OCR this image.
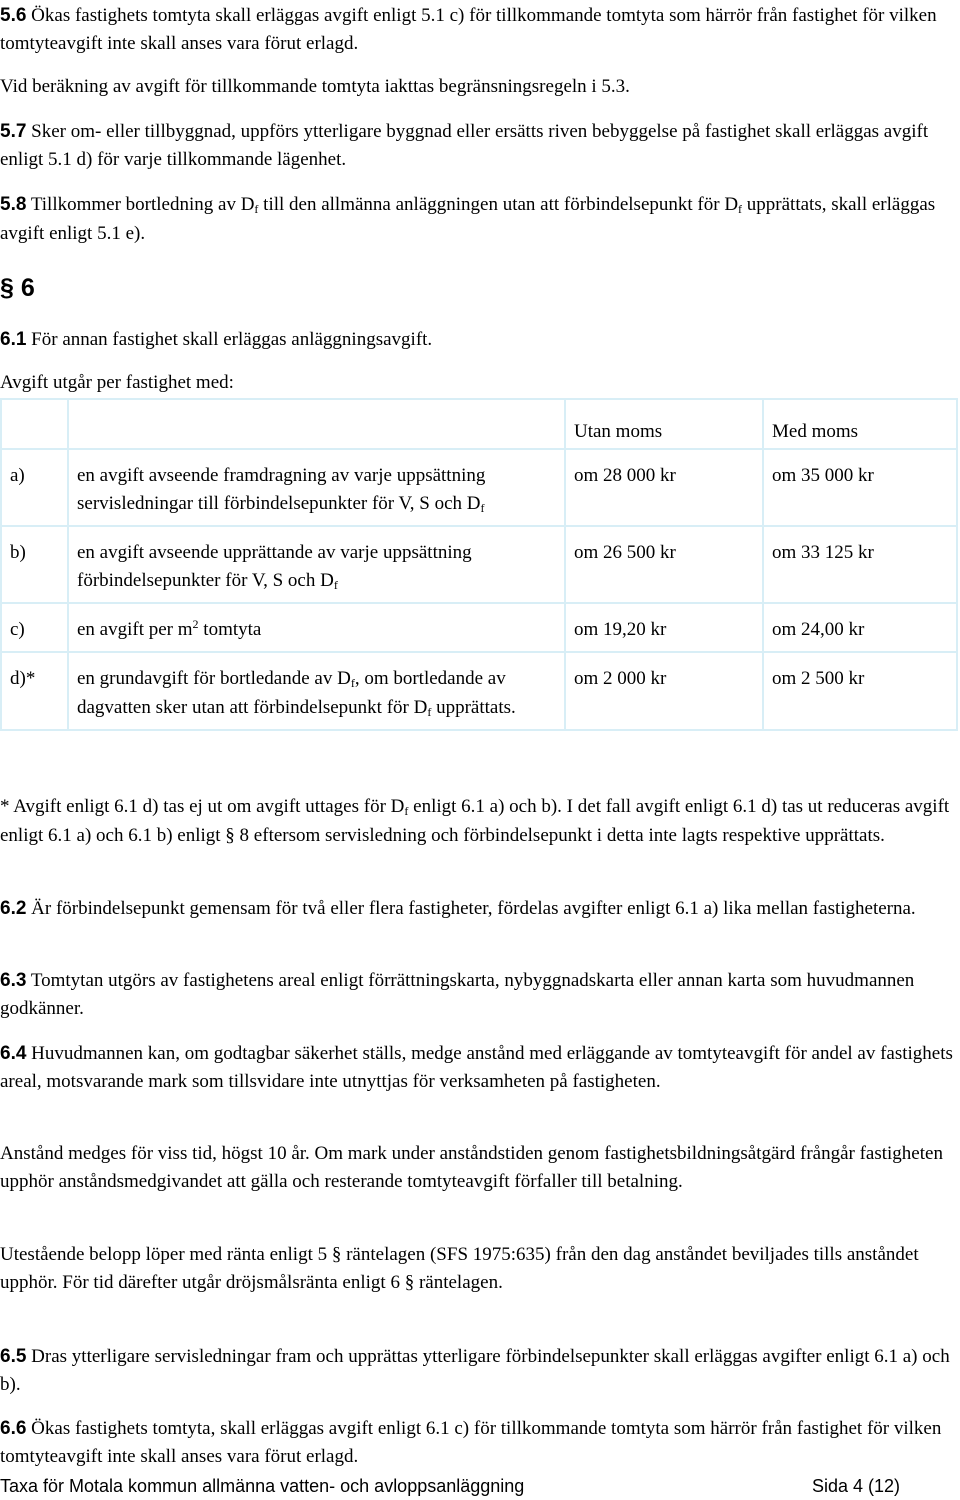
5.6 Ökas fastighets tomtyta skall erläggas avgift enligt 5.1 c) för tillkommande tomtyta som härrör från fastighet för vilken tomtyteavgift inte skall anses vara förut erlagd.

Vid beräkning av avgift för tillkommande tomtyta iakttas begränsningsregeln i 5.3.

5.7 Sker om- eller tillbyggnad, uppförs ytterligare byggnad eller ersätts riven bebyggelse på fastighet skall erläggas avgift enligt 5.1 d) för varje tillkommande lägenhet.

5.8 Tillkommer bortledning av Df till den allmänna anläggningen utan att förbindelsepunkt för Df upprättats, skall erläggas avgift enligt 5.1 e).

§ 6

6.1 För annan fastighet skall erläggas anläggningsavgift.

Avgift utgår per fastighet med:

		Utan moms	Med moms
a)	en avgift avseende framdragning av varje uppsättning servisledningar till förbindelsepunkter för V, S och Df	om 28 000 kr	om 35 000 kr
b)	en avgift avseende upprättande av varje uppsättning förbindelsepunkter för V, S och Df	om 26 500 kr	om 33 125 kr
c)	en avgift per $m^2$ tomtyta	om 19,20 kr	om 24,00 kr
d)*	en grundavgift för bortledande av Df, om bortledande av dagvatten sker utan att förbindelsepunkt för Df upprättats.	om 2 000 kr	om 2 500 kr

* Avgift enligt 6.1 d) tas ej ut om avgift uttages för Df enligt 6.1 a) och b). I det fall avgift enligt 6.1 d) tas ut reduceras avgift enligt 6.1 a) och 6.1 b) enligt § 8 eftersom servisledning och förbindelsepunkt i detta inte lagts respektive upprättats.

6.2 Är förbindelsepunkt gemensam för två eller flera fastigheter, fördelas avgifter enligt 6.1 a) lika mellan fastigheterna.

6.3 Tomtytan utgörs av fastighetens areal enligt förrättningskarta, nybyggnadskarta eller annan karta som huvudmannen godkänner.

6.4 Huvudmannen kan, om godtagbar säkerhet ställs, medge anstånd med erläggande av tomtyteavgift för andel av fastighets areal, motsvarande mark som tillsvidare inte utnyttjas för verksamheten på fastigheten.

Anstånd medges för viss tid, högst 10 år. Om mark under anståndstiden genom fastighetsbildningsåtgärd frångår fastigheten upphör anståndsmedgivandet att gälla och resterande tomtyteavgift förfaller till betalning.

Utestående belopp löper med ränta enligt 5 § räntelagen (SFS 1975:635) från den dag anståndet beviljades tills anståndet upphör. För tid därefter utgår dröjsmålsränta enligt 6 § räntelagen.

6.5 Dras ytterligare servisledningar fram och upprättas ytterligare förbindelsepunkter skall erläggas avgifter enligt 6.1 a) och b).

6.6 Ökas fastighets tomtyta, skall erläggas avgift enligt 6.1 c) för tillkommande tomtyta som härrör från fastighet för vilken tomtyteavgift inte skall anses vara förut erlagd.

Taxa för Motala kommun allmänna vatten- och avloppsanläggning	Sida 4 (12)
